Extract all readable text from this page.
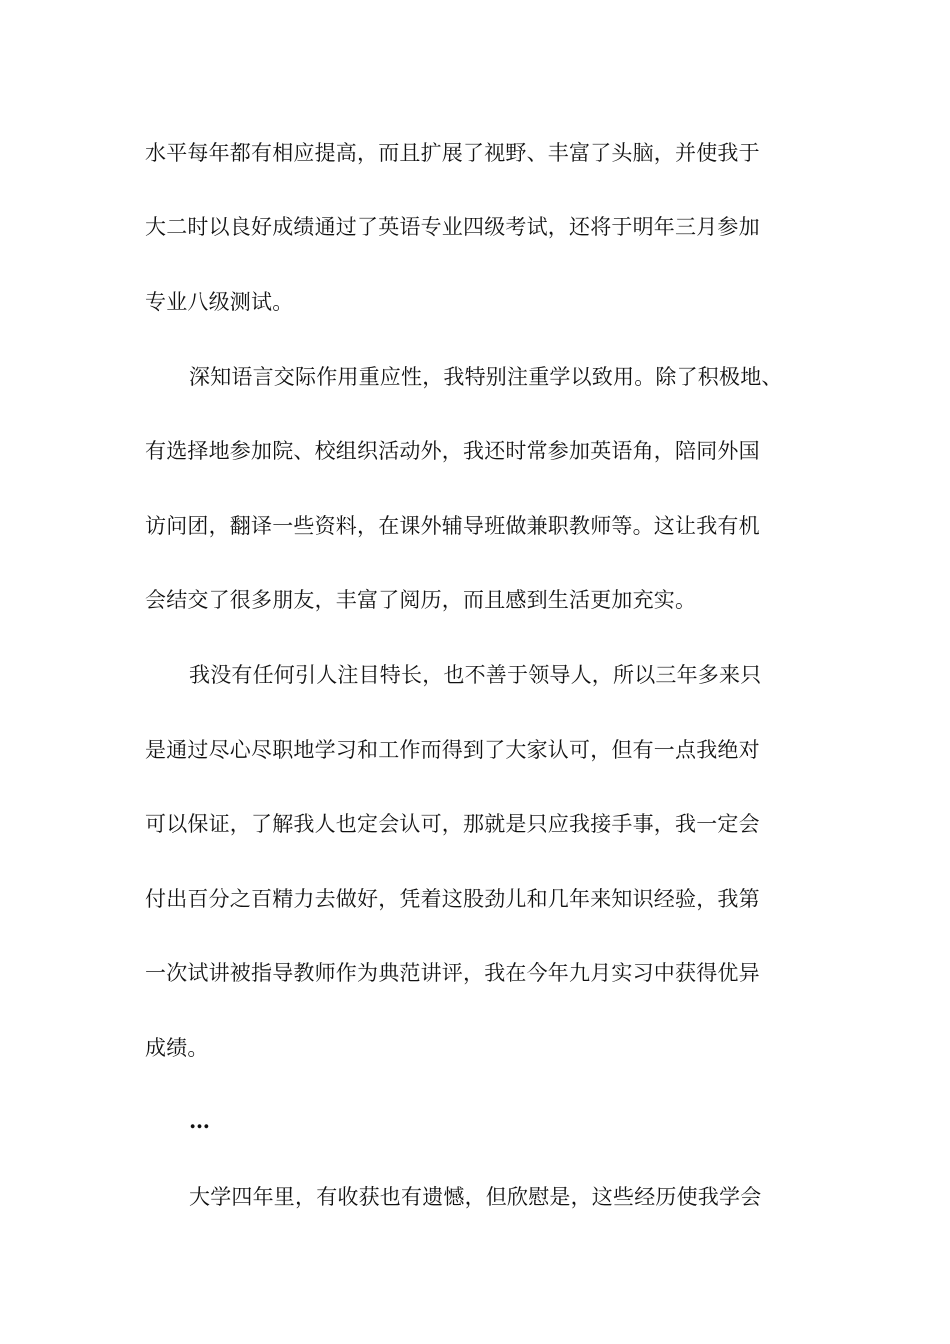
水平每年都有相应提高，而且扩展了视野、丰富了头脑，并使我于
大二时以良好成绩通过了英语专业四级考试，还将于明年三月参加
专业八级测试。
深知语言交际作用重应性，我特别注重学以致用。除了积极地、
有选择地参加院、校组织活动外，我还时常参加英语角，陪同外国
访问团，翻译一些资料，在课外辅导班做兼职教师等。这让我有机
会结交了很多朋友，丰富了阅历，而且感到生活更加充实。
我没有任何引人注目特长，也不善于领导人，所以三年多来只
是通过尽心尽职地学习和工作而得到了大家认可，但有一点我绝对
可以保证，了解我人也定会认可，那就是只应我接手事，我一定会
付出百分之百精力去做好，凭着这股劲儿和几年来知识经验，我第
一次试讲被指导教师作为典范讲评，我在今年九月实习中获得优异
成绩。
…
大学四年里，有收获也有遗憾，但欣慰是，这些经历使我学会
